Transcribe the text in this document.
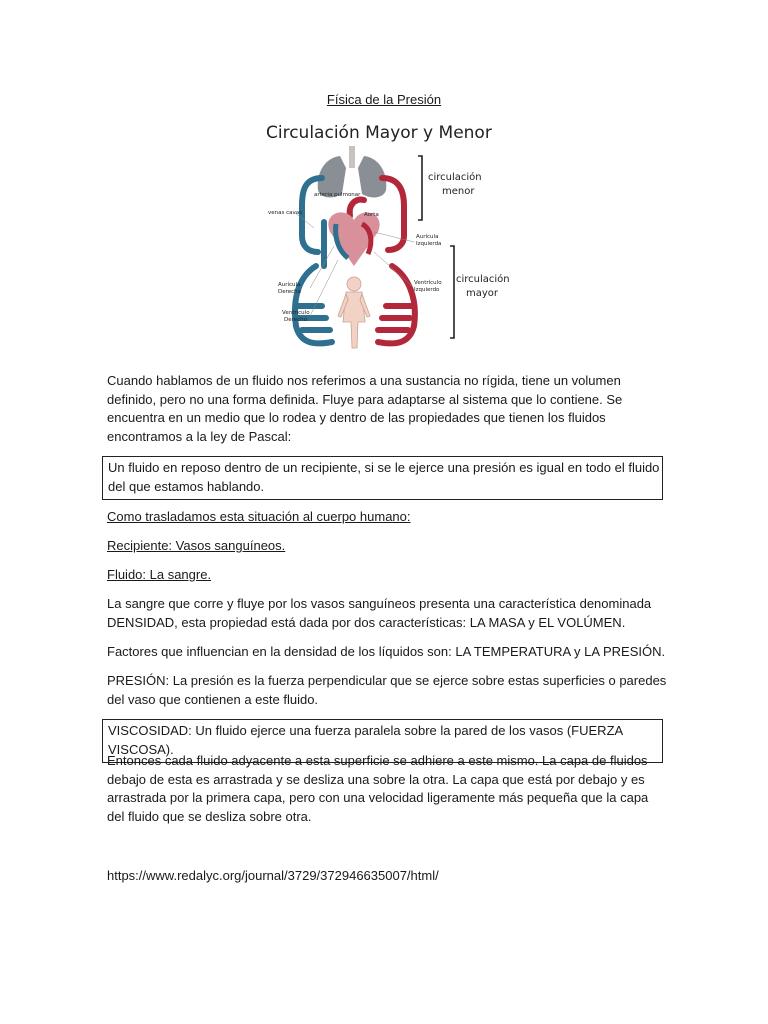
Física de la Presión
Circulación Mayor y Menor
circulación
menor
circulación
mayor
arteria pulmonar
venas cavas	Aorta
Aurícula
Izquierda
Ventrículo
Izquierdo
Aurícula
Derecha
Ventrículo
Derecho

Cuando hablamos de un fluido nos referimos a una sustancia no rígida, tiene un volumen definido, pero no una forma definida. Fluye para adaptarse al sistema que lo contiene. Se encuentra en un medio que lo rodea y dentro de las propiedades que tienen los fluidos encontramos a la ley de Pascal:

Un fluido en reposo dentro de un recipiente, si se le ejerce una presión es igual en todo el fluido del que estamos hablando.

Como trasladamos esta situación al cuerpo humano:

Recipiente: Vasos sanguíneos.

Fluido: La sangre.

La sangre que corre y fluye por los vasos sanguíneos presenta una característica denominada DENSIDAD, esta propiedad está dada por dos características: LA MASA y EL VOLÚMEN.

Factores que influencian en la densidad de los líquidos son: LA TEMPERATURA y LA PRESIÓN.

PRESIÓN: La presión es la fuerza perpendicular que se ejerce sobre estas superficies o paredes del vaso que contienen a este fluido.

VISCOSIDAD: Un fluido ejerce una fuerza paralela sobre la pared de los vasos (FUERZA VISCOSA).

Entonces cada fluido adyacente a esta superficie se adhiere a este mismo. La capa de fluidos debajo de esta es arrastrada y se desliza una sobre la otra. La capa que está por debajo y es arrastrada por la primera capa, pero con una velocidad ligeramente más pequeña que la capa del fluido que se desliza sobre otra.

https://www.redalyc.org/journal/3729/372946635007/html/
